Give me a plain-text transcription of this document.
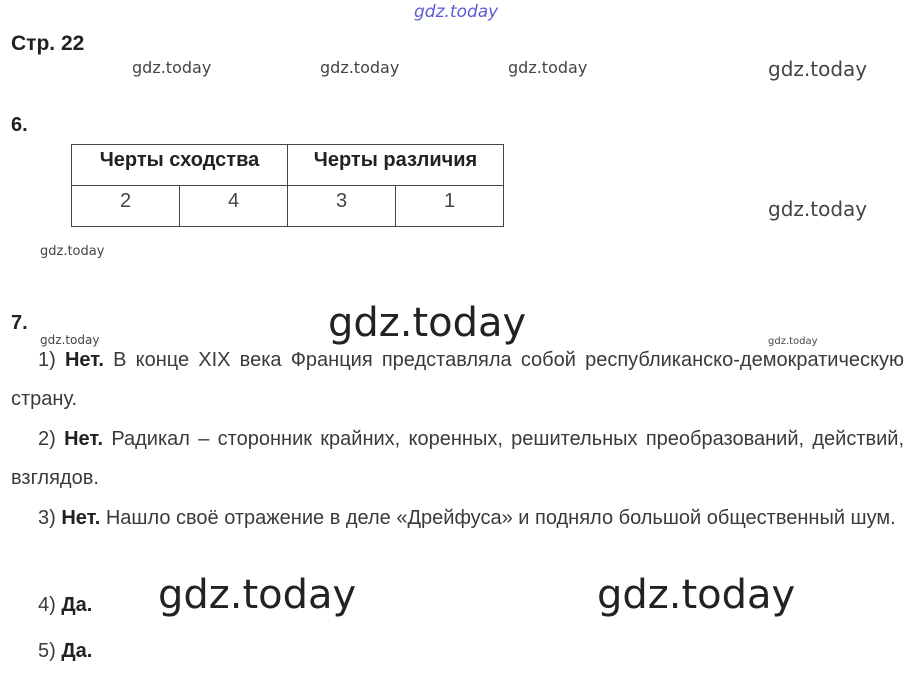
gdz.today
gdz.today	gdz.today	gdz.today	gdz.today
gdz.today
gdz.today
gdz.today
gdz.today	gdz.today
gdz.today	gdz.today
Стр. 22
6.
Черты сходства		Черты различия	
2	4	3	1
7.
1) Нет. В конце XIX века Франция представляла собой республиканско-демократическую страну.
2) Нет. Радикал – сторонник крайних, коренных, решительных преобразований, действий, взглядов.
3) Нет. Нашло своё отражение в деле «Дрейфуса» и подняло большой общественный шум.
4) Да.
5) Да.
